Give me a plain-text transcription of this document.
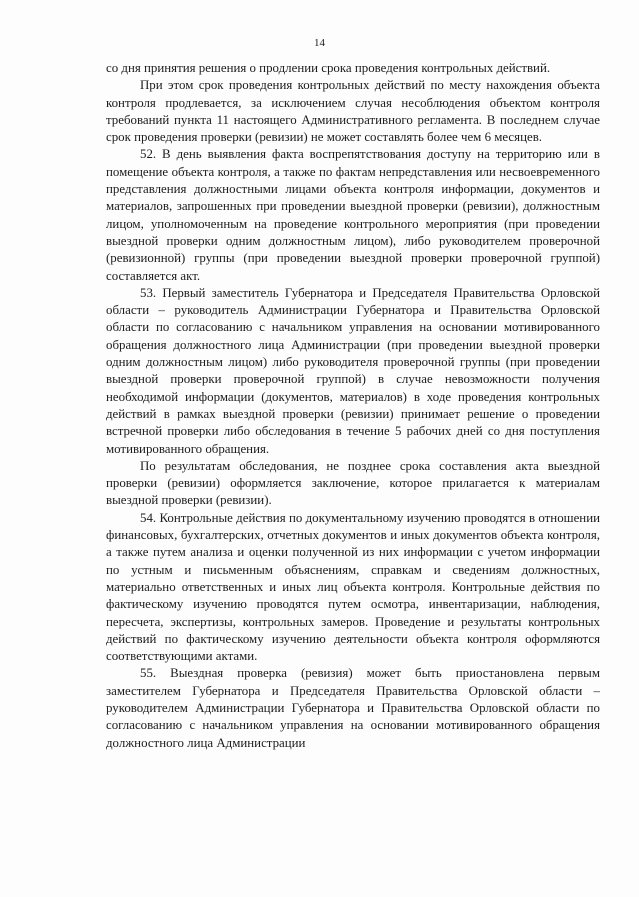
14

со дня принятия решения о продлении срока проведения контрольных действий.

При этом срок проведения контрольных действий по месту нахождения объекта контроля продлевается, за исключением случая несоблюдения объектом контроля требований пункта 11 настоящего Административного регламента. В последнем случае срок проведения проверки (ревизии) не может составлять более чем 6 месяцев.

52. В день выявления факта воспрепятствования доступу на территорию или в помещение объекта контроля, а также по фактам непредставления или несвоевременного представления должностными лицами объекта контроля информации, документов и материалов, запрошенных при проведении выездной проверки (ревизии), должностным лицом, уполномоченным на проведение контрольного мероприятия (при проведении выездной проверки одним должностным лицом), либо руководителем проверочной (ревизионной) группы (при проведении выездной проверки проверочной группой) составляется акт.

53. Первый заместитель Губернатора и Председателя Правительства Орловской области – руководитель Администрации Губернатора и Правительства Орловской области по согласованию с начальником управления на основании мотивированного обращения должностного лица Администрации (при проведении выездной проверки одним должностным лицом) либо руководителя проверочной группы (при проведении выездной проверки проверочной группой) в случае невозможности получения необходимой информации (документов, материалов) в ходе проведения контрольных действий в рамках выездной проверки (ревизии) принимает решение о проведении встречной проверки либо обследования в течение 5 рабочих дней со дня поступления мотивированного обращения.

По результатам обследования, не позднее срока составления акта выездной проверки (ревизии) оформляется заключение, которое прилагается к материалам выездной проверки (ревизии).

54. Контрольные действия по документальному изучению проводятся в отношении финансовых, бухгалтерских, отчетных документов и иных документов объекта контроля, а также путем анализа и оценки полученной из них информации с учетом информации по устным и письменным объяснениям, справкам и сведениям должностных, материально ответственных и иных лиц объекта контроля. Контрольные действия по фактическому изучению проводятся путем осмотра, инвентаризации, наблюдения, пересчета, экспертизы, контрольных замеров. Проведение и результаты контрольных действий по фактическому изучению деятельности объекта контроля оформляются соответствующими актами.

55. Выездная проверка (ревизия) может быть приостановлена первым заместителем Губернатора и Председателя Правительства Орловской области – руководителем Администрации Губернатора и Правительства Орловской области по согласованию с начальником управления на основании мотивированного обращения должностного лица Администрации
